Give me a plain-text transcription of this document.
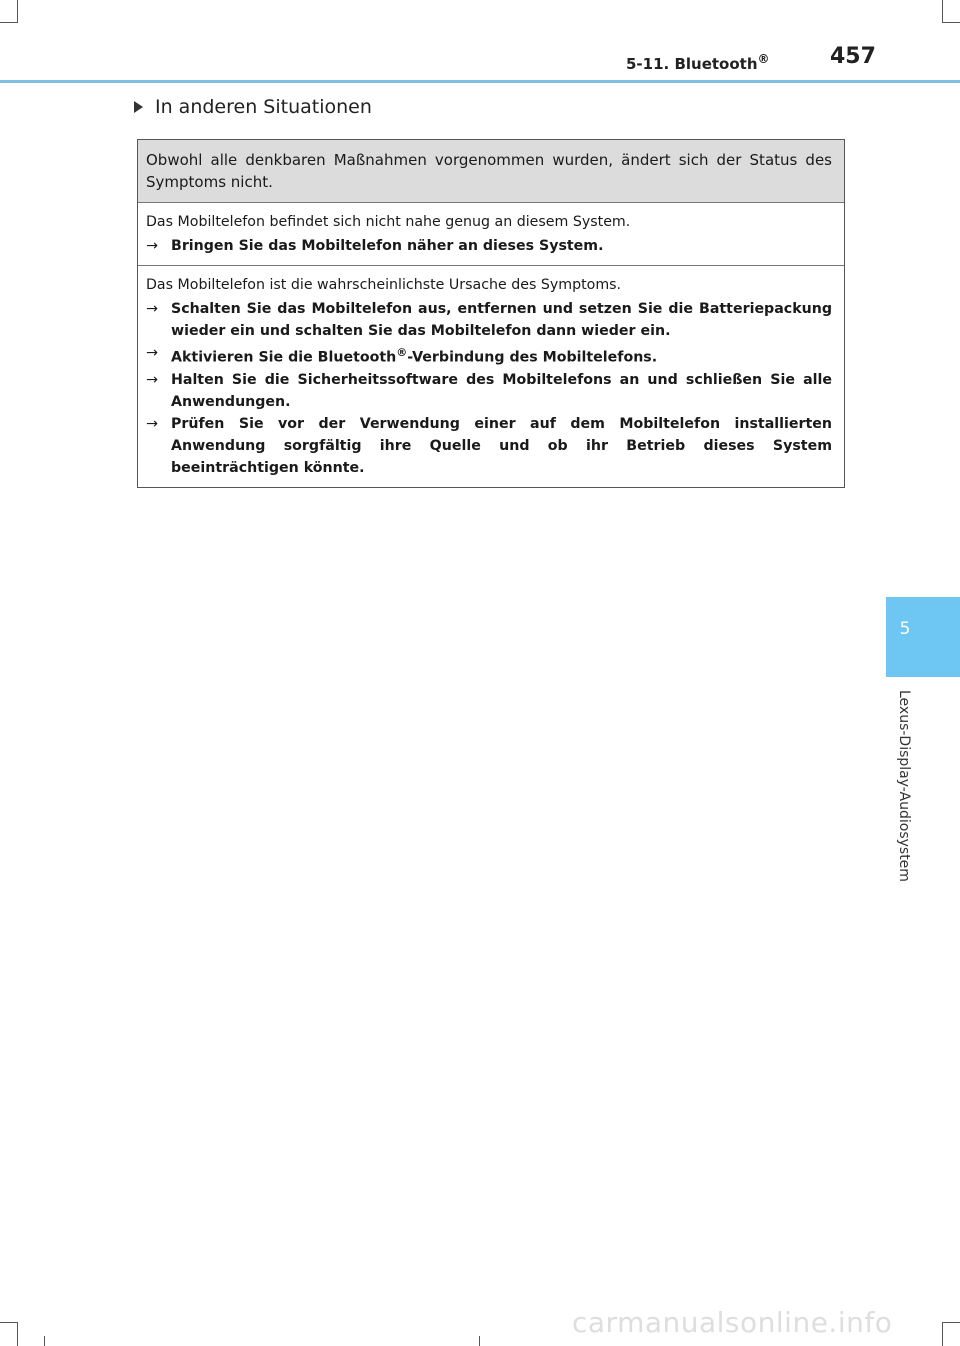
5-11. Bluetooth®	457
In anderen Situationen
Obwohl alle denkbaren Maßnahmen vorgenommen wurden, ändert sich der Status des Symptoms nicht.
Das Mobiltelefon befindet sich nicht nahe genug an diesem System.
→ Bringen Sie das Mobiltelefon näher an dieses System.
Das Mobiltelefon ist die wahrscheinlichste Ursache des Symptoms.
→ Schalten Sie das Mobiltelefon aus, entfernen und setzen Sie die Batteriepackung wieder ein und schalten Sie das Mobiltelefon dann wieder ein.
→ Aktivieren Sie die Bluetooth®-Verbindung des Mobiltelefons.
→ Halten Sie die Sicherheitssoftware des Mobiltelefons an und schließen Sie alle Anwendungen.
→ Prüfen Sie vor der Verwendung einer auf dem Mobiltelefon installierten Anwendung sorgfältig ihre Quelle und ob ihr Betrieb dieses System beeinträchtigen könnte.
5
Lexus-Display-Audiosystem
carmanualsonline.info
